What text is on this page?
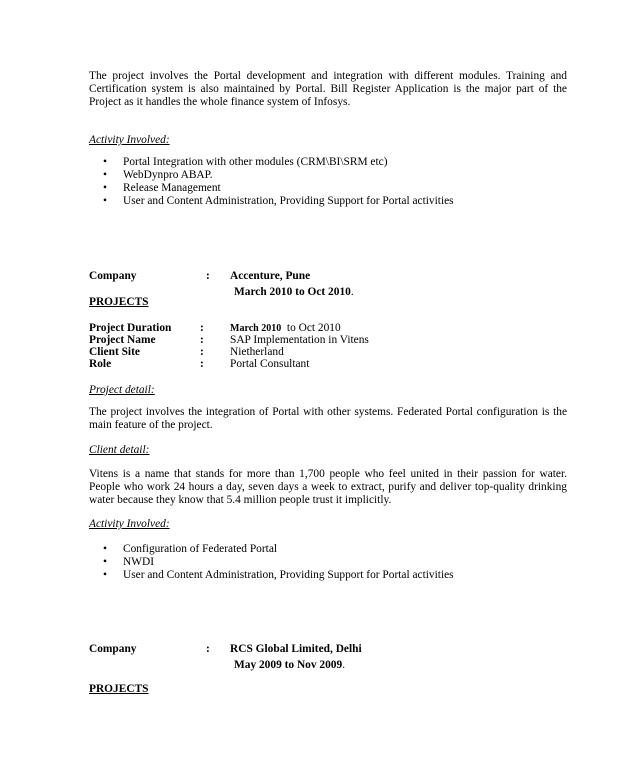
The project involves the Portal development and integration with different modules. Training and Certification system is also maintained by Portal. Bill Register Application is the major part of the Project as it handles the whole finance system of Infosys.
Activity Involved:
• Portal Integration with other modules (CRM\BI\SRM etc)
• WebDynpro ABAP.
• Release Management
• User and Content Administration, Providing Support for Portal activities
Company	: Accenture, Pune
March 2010 to Oct 2010.
PROJECTS
Project Duration	:	March 2010  to Oct 2010
Project Name	: SAP Implementation in Vitens
Client Site	: Nietherland
Role	: Portal Consultant
Project detail:
The project involves the integration of Portal with other systems. Federated Portal configuration is the main feature of the project.
Client detail:
Vitens is a name that stands for more than 1,700 people who feel united in their passion for water. People who work 24 hours a day, seven days a week to extract, purify and deliver top-quality drinking water because they know that 5.4 million people trust it implicitly.
Activity Involved:
• Configuration of Federated Portal
• NWDI
• User and Content Administration, Providing Support for Portal activities
Company	: RCS Global Limited, Delhi
May 2009 to Nov 2009.
PROJECTS
